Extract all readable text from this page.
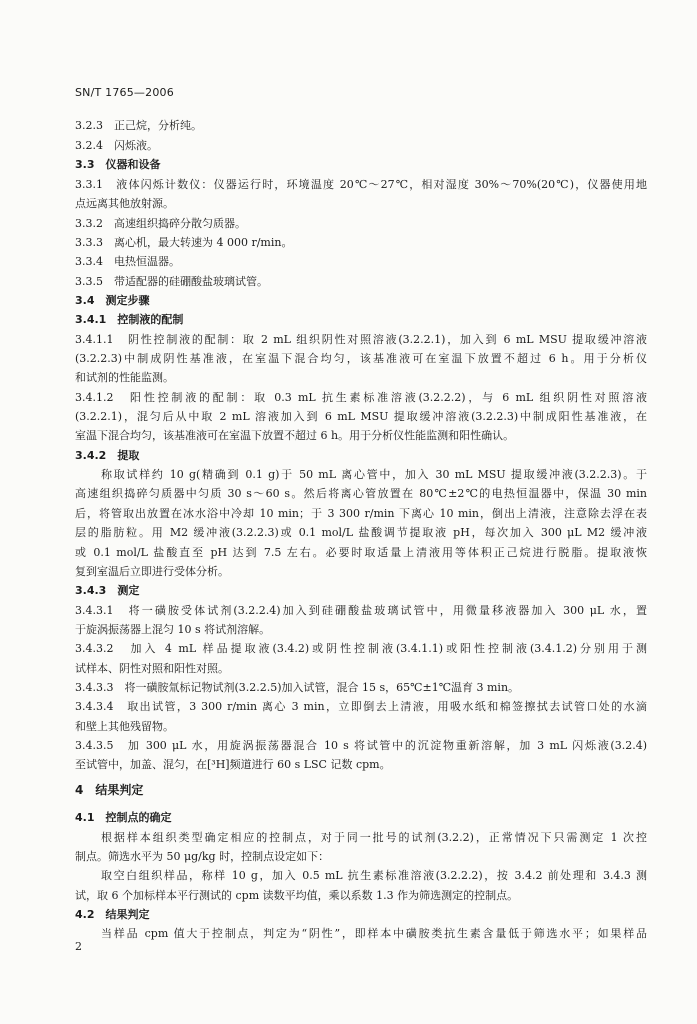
SN/T 1765—2006
3.2.3　正己烷，分析纯。
3.2.4　闪烁液。
3.3　仪器和设备
3.3.1　液体闪烁计数仪：仪器运行时，环境温度 20℃～27℃，相对湿度 30%～70%(20℃)，仪器使用地
点远离其他放射源。
3.3.2　高速组织捣碎分散匀质器。
3.3.3　离心机，最大转速为 4 000 r/min。
3.3.4　电热恒温器。
3.3.5　带适配器的硅硼酸盐玻璃试管。
3.4　测定步骤
3.4.1　控制液的配制
3.4.1.1　阴性控制液的配制：取 2 mL 组织阴性对照溶液(3.2.2.1)，加入到 6 mL MSU 提取缓冲溶液
(3.2.2.3)中制成阴性基准液，在室温下混合均匀，该基准液可在室温下放置不超过 6 h。用于分析仪
和试剂的性能监测。
3.4.1.2　阳性控制液的配制：取 0.3 mL 抗生素标准溶液(3.2.2.2)，与 6 mL 组织阴性对照溶液
(3.2.2.1)，混匀后从中取 2 mL 溶液加入到 6 mL MSU 提取缓冲溶液(3.2.2.3)中制成阳性基准液，在
室温下混合均匀，该基准液可在室温下放置不超过 6 h。用于分析仪性能监测和阳性确认。
3.4.2　提取
称取试样约 10 g(精确到 0.1 g)于 50 mL 离心管中，加入 30 mL MSU 提取缓冲液(3.2.2.3)。于
高速组织捣碎匀质器中匀质 30 s～60 s。然后将离心管放置在 80℃±2℃的电热恒温器中，保温 30 min
后，将管取出放置在冰水浴中冷却 10 min；于 3 300 r/min 下离心 10 min，倒出上清液，注意除去浮在表
层的脂肪粒。用 M2 缓冲液(3.2.2.3)或 0.1 mol/L 盐酸调节提取液 pH，每次加入 300 μL M2 缓冲液
或 0.1 mol/L 盐酸直至 pH 达到 7.5 左右。必要时取适量上清液用等体积正己烷进行脱脂。提取液恢
复到室温后立即进行受体分析。
3.4.3　测定
3.4.3.1　将一磺胺受体试剂(3.2.2.4)加入到硅硼酸盐玻璃试管中，用微量移液器加入 300 μL 水，置
于旋涡振荡器上混匀 10 s 将试剂溶解。
3.4.3.2　加入 4 mL 样品提取液(3.4.2)或阴性控制液(3.4.1.1)或阳性控制液(3.4.1.2)分别用于测
试样本、阴性对照和阳性对照。
3.4.3.3　将一磺胺氚标记物试剂(3.2.2.5)加入试管，混合 15 s，65℃±1℃温育 3 min。
3.4.3.4　取出试管，3 300 r/min 离心 3 min，立即倒去上清液，用吸水纸和棉签擦拭去试管口处的水滴
和壁上其他残留物。
3.4.3.5　加 300 μL 水，用旋涡振荡器混合 10 s 将试管中的沉淀物重新溶解，加 3 mL 闪烁液(3.2.4)
至试管中，加盖、混匀，在[³H]频道进行 60 s LSC 记数 cpm。
4　结果判定
4.1　控制点的确定
根据样本组织类型确定相应的控制点，对于同一批号的试剂(3.2.2)，正常情况下只需测定 1 次控
制点。筛选水平为 50 μg/kg 时，控制点设定如下：
取空白组织样品，称样 10 g，加入 0.5 mL 抗生素标准溶液(3.2.2.2)，按 3.4.2 前处理和 3.4.3 测
试，取 6 个加标样本平行测试的 cpm 读数平均值，乘以系数 1.3 作为筛选测定的控制点。
4.2　结果判定
当样品 cpm 值大于控制点，判定为“阴性”，即样本中磺胺类抗生素含量低于筛选水平；如果样品
2
